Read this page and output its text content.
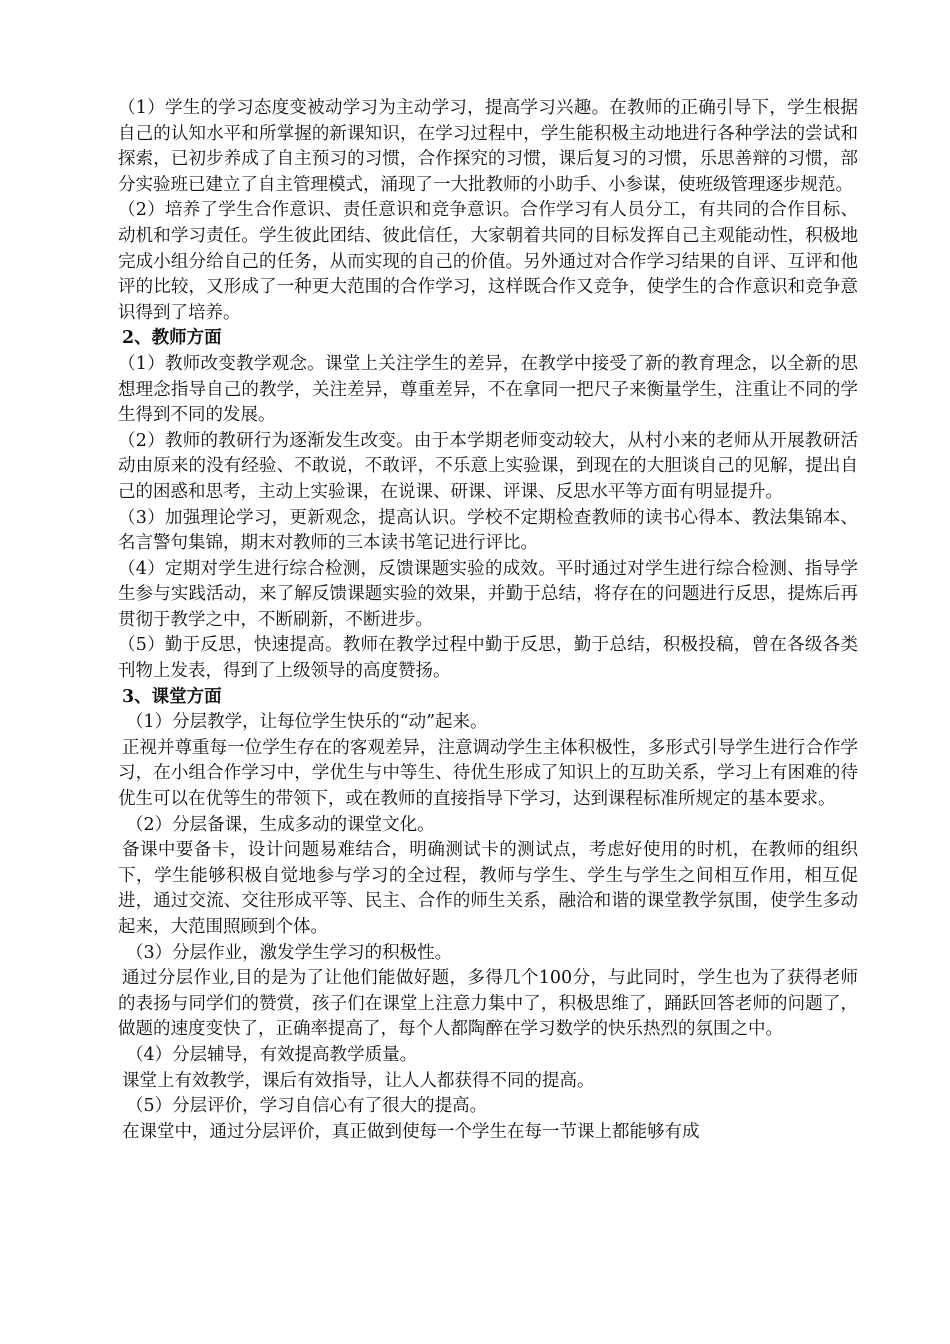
（1）学生的学习态度变被动学习为主动学习，提高学习兴趣。在教师的正确引导下，学生根据自己的认知水平和所掌握的新课知识，在学习过程中，学生能积极主动地进行各种学法的尝试和探索，已初步养成了自主预习的习惯，合作探究的习惯，课后复习的习惯，乐思善辩的习惯，部分实验班已建立了自主管理模式，涌现了一大批教师的小助手、小参谋，使班级管理逐步规范。

（2）培养了学生合作意识、责任意识和竞争意识。合作学习有人员分工，有共同的合作目标、动机和学习责任。学生彼此团结、彼此信任，大家朝着共同的目标发挥自己主观能动性，积极地完成小组分给自己的任务，从而实现的自己的价值。另外通过对合作学习结果的自评、互评和他评的比较，又形成了一种更大范围的合作学习，这样既合作又竞争，使学生的合作意识和竞争意识得到了培养。

2、教师方面

（1）教师改变教学观念。课堂上关注学生的差异，在教学中接受了新的教育理念，以全新的思想理念指导自己的教学，关注差异，尊重差异，不在拿同一把尺子来衡量学生，注重让不同的学生得到不同的发展。

（2）教师的教研行为逐渐发生改变。由于本学期老师变动较大，从村小来的老师从开展教研活动由原来的没有经验、不敢说，不敢评，不乐意上实验课，到现在的大胆谈自己的见解，提出自己的困惑和思考，主动上实验课，在说课、研课、评课、反思水平等方面有明显提升。

（3）加强理论学习，更新观念，提高认识。学校不定期检查教师的读书心得本、教法集锦本、名言警句集锦，期末对教师的三本读书笔记进行评比。

（4）定期对学生进行综合检测，反馈课题实验的成效。平时通过对学生进行综合检测、指导学生参与实践活动，来了解反馈课题实验的效果，并勤于总结，将存在的问题进行反思，提炼后再贯彻于教学之中，不断刷新，不断进步。

（5）勤于反思，快速提高。教师在教学过程中勤于反思，勤于总结，积极投稿，曾在各级各类刊物上发表，得到了上级领导的高度赞扬。

3、课堂方面

（1）分层教学，让每位学生快乐的“动”起来。

正视并尊重每一位学生存在的客观差异，注意调动学生主体积极性，多形式引导学生进行合作学习，在小组合作学习中，学优生与中等生、待优生形成了知识上的互助关系，学习上有困难的待优生可以在优等生的带领下，或在教师的直接指导下学习，达到课程标准所规定的基本要求。

（2）分层备课，生成多动的课堂文化。

备课中要备卡，设计问题易难结合，明确测试卡的测试点，考虑好使用的时机，在教师的组织下，学生能够积极自觉地参与学习的全过程，教师与学生、学生与学生之间相互作用，相互促进，通过交流、交往形成平等、民主、合作的师生关系，融洽和谐的课堂教学氛围，使学生多动起来，大范围照顾到个体。

（3）分层作业，激发学生学习的积极性。

通过分层作业,目的是为了让他们能做好题，多得几个100分，与此同时，学生也为了获得老师的表扬与同学们的赞赏，孩子们在课堂上注意力集中了，积极思维了，踊跃回答老师的问题了，做题的速度变快了，正确率提高了，每个人都陶醉在学习数学的快乐热烈的氛围之中。

（4）分层辅导，有效提高教学质量。

课堂上有效教学，课后有效指导，让人人都获得不同的提高。

（5）分层评价，学习自信心有了很大的提高。

在课堂中，通过分层评价，真正做到使每一个学生在每一节课上都能够有成
